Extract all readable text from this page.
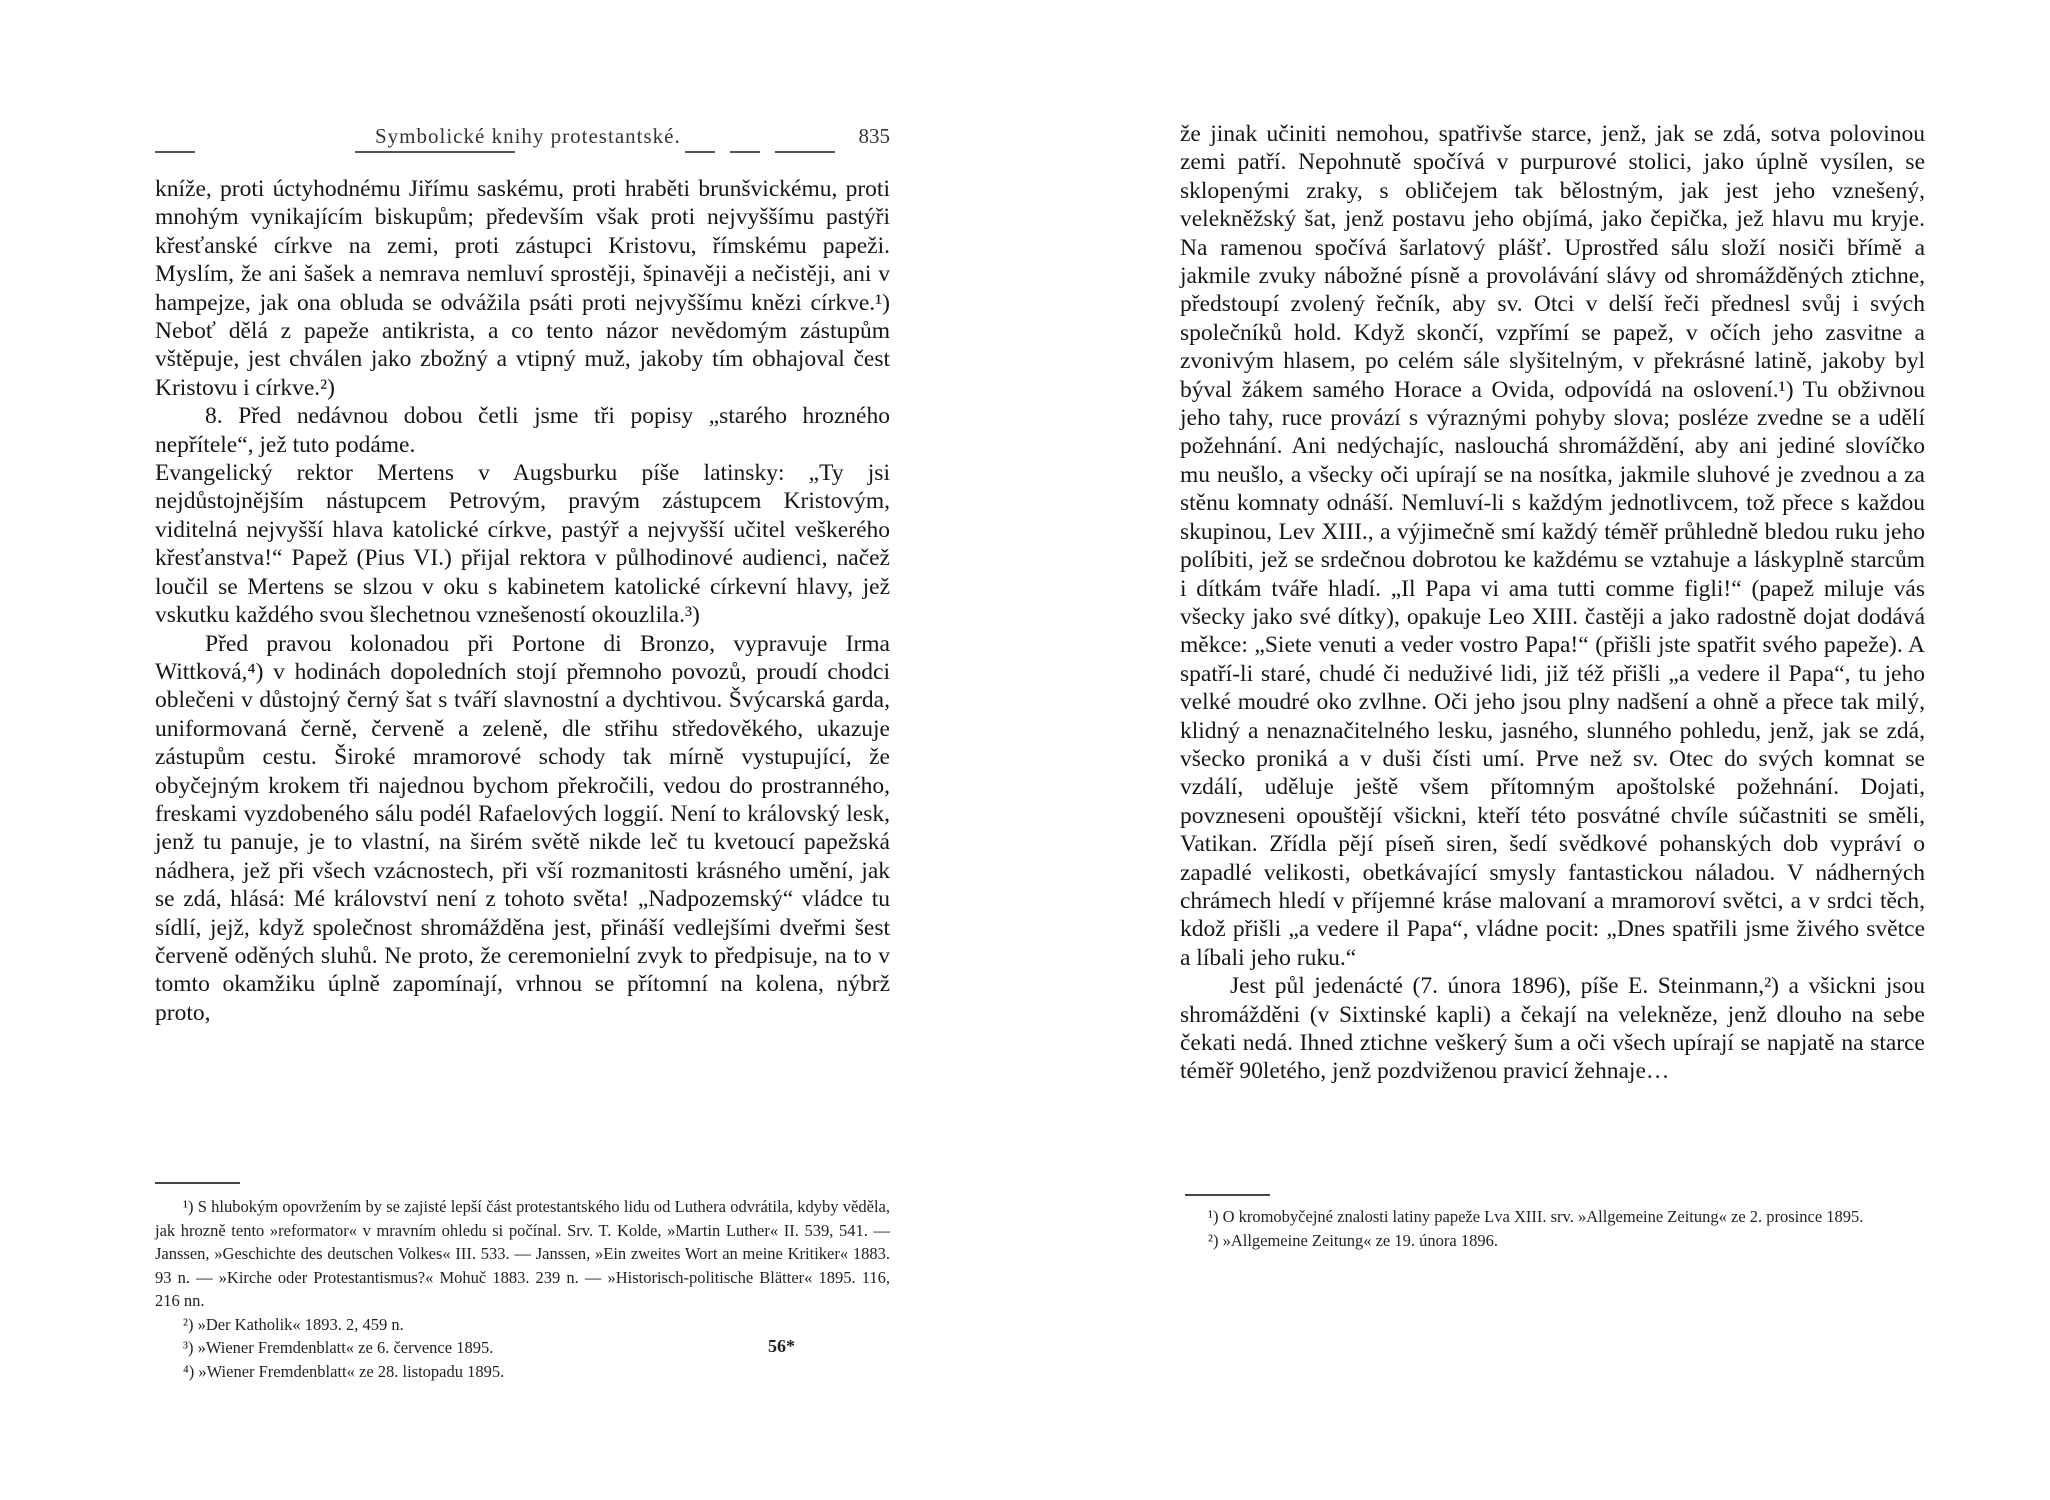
Symbolické knihy protestantské.	835

kníže, proti úctyhodnému Jiřímu saskému, proti hraběti brunšvickému, proti mnohým vynikajícím biskupům; především však proti nejvyššímu pastýři křesťanské církve na zemi, proti zástupci Kristovu, římskému papeži. Myslím, že ani šašek a nemrava nemluví sprostěji, špinavěji a nečistěji, ani v hampejze, jak ona obluda se odvážila psáti proti nejvyššímu knězi církve.¹) Neboť dělá z papeže antikrista, a co tento názor nevědomým zástupům vštěpuje, jest chválen jako zbožný a vtipný muž, jakoby tím obhajoval čest Kristovu i církve.²)

8. Před nedávnou dobou četli jsme tři popisy „starého hrozného nepřítele“, jež tuto podáme.

Evangelický rektor Mertens v Augsburku píše latinsky: „Ty jsi nejdůstojnějším nástupcem Petrovým, pravým zástupcem Kristovým, viditelná nejvyšší hlava katolické církve, pastýř a nejvyšší učitel veškerého křesťanstva!“ Papež (Pius VI.) přijal rektora v půlhodinové audienci, načež loučil se Mertens se slzou v oku s kabinetem katolické církevní hlavy, jež vskutku každého svou šlechetnou vznešeností okouzlila.³)

Před pravou kolonadou při Portone di Bronzo, vypravuje Irma Wittková,⁴) v hodinách dopoledních stojí přemnoho povozů, proudí chodci oblečeni v důstojný černý šat s tváří slavnostní a dychtivou. Švýcarská garda, uniformovaná černě, červeně a zeleně, dle střihu středověkého, ukazuje zástupům cestu. Široké mramorové schody tak mírně vystupující, že obyčejným krokem tři najednou bychom překročili, vedou do prostranného, freskami vyzdobeného sálu podél Rafaelových loggií. Není to královský lesk, jenž tu panuje, je to vlastní, na širém světě nikde leč tu kvetoucí papežská nádhera, jež při všech vzácnostech, při vší rozmanitosti krásného umění, jak se zdá, hlásá: Mé království není z tohoto světa! „Nadpozemský“ vládce tu sídlí, jejž, když společnost shromážděna jest, přináší vedlejšími dveřmi šest červeně oděných sluhů. Ne proto, že ceremonielní zvyk to předpisuje, na to v tomto okamžiku úplně zapomínají, vrhnou se přítomní na kolena, nýbrž proto,

¹) S hlubokým opovržením by se zajisté lepší část protestantského lidu od Luthera odvrátila, kdyby věděla, jak hrozně tento »reformator« v mravním ohledu si počínal. Srv. T. Kolde, »Martin Luther« II. 539, 541. — Janssen, »Geschichte des deutschen Volkes« III. 533. — Janssen, »Ein zweites Wort an meine Kritiker« 1883. 93 n. — »Kirche oder Protestantismus?« Mohuč 1883. 239 n. — »Historisch-politische Blätter« 1895. 116, 216 nn.

²) »Der Katholik« 1893. 2, 459 n.

³) »Wiener Fremdenblatt« ze 6. července 1895.

⁴) »Wiener Fremdenblatt« ze 28. listopadu 1895.

56*

že jinak učiniti nemohou, spatřivše starce, jenž, jak se zdá, sotva polovinou zemi patří. Nepohnutě spočívá v purpurové stolici, jako úplně vysílen, se sklopenými zraky, s obličejem tak bělostným, jak jest jeho vznešený, velekněžský šat, jenž postavu jeho objímá, jako čepička, jež hlavu mu kryje. Na ramenou spočívá šarlatový plášť. Uprostřed sálu složí nosiči břímě a jakmile zvuky nábožné písně a provolávání slávy od shromážděných ztichne, předstoupí zvolený řečník, aby sv. Otci v delší řeči přednesl svůj i svých společníků hold. Když skončí, vzpřímí se papež, v očích jeho zasvitne a zvonivým hlasem, po celém sále slyšitelným, v překrásné latině, jakoby byl býval žákem samého Horace a Ovida, odpovídá na oslovení.¹) Tu obživnou jeho tahy, ruce provází s výraznými pohyby slova; posléze zvedne se a udělí požehnání. Ani nedýchajíc, naslouchá shromáždění, aby ani jediné slovíčko mu neušlo, a všecky oči upírají se na nosítka, jakmile sluhové je zvednou a za stěnu komnaty odnáší. Nemluví-li s každým jednotlivcem, tož přece s každou skupinou, Lev XIII., a výjimečně smí každý téměř průhledně bledou ruku jeho políbiti, jež se srdečnou dobrotou ke každému se vztahuje a láskyplně starcům i dítkám tváře hladí. „Il Papa vi ama tutti comme figli!“ (papež miluje vás všecky jako své dítky), opakuje Leo XIII. častěji a jako radostně dojat dodává měkce: „Siete venuti a veder vostro Papa!“ (přišli jste spatřit svého papeže). A spatří-li staré, chudé či neduživé lidi, již též přišli „a vedere il Papa“, tu jeho velké moudré oko zvlhne. Oči jeho jsou plny nadšení a ohně a přece tak milý, klidný a nenaznačitelného lesku, jasného, slunného pohledu, jenž, jak se zdá, všecko proniká a v duši čísti umí. Prve než sv. Otec do svých komnat se vzdálí, uděluje ještě všem přítomným apoštolské požehnání. Dojati, povzneseni opouštějí všickni, kteří této posvátné chvíle súčastniti se směli, Vatikan. Zřídla pějí píseň siren, šedí svědkové pohanských dob vypráví o zapadlé velikosti, obetkávající smysly fantastickou náladou. V nádherných chrámech hledí v příjemné kráse malovaní a mramoroví světci, a v srdci těch, kdož přišli „a vedere il Papa“, vládne pocit: „Dnes spatřili jsme živého světce a líbali jeho ruku.“

Jest půl jedenácté (7. února 1896), píše E. Steinmann,²) a všickni jsou shromážděni (v Sixtinské kapli) a čekají na velekněze, jenž dlouho na sebe čekati nedá. Ihned ztichne veškerý šum a oči všech upírají se napjatě na starce téměř 90letého, jenž pozdviženou pravicí žehnaje…

¹) O kromobyčejné znalosti latiny papeže Lva XIII. srv. »Allgemeine Zeitung« ze 2. prosince 1895.

²) »Allgemeine Zeitung« ze 19. února 1896.
